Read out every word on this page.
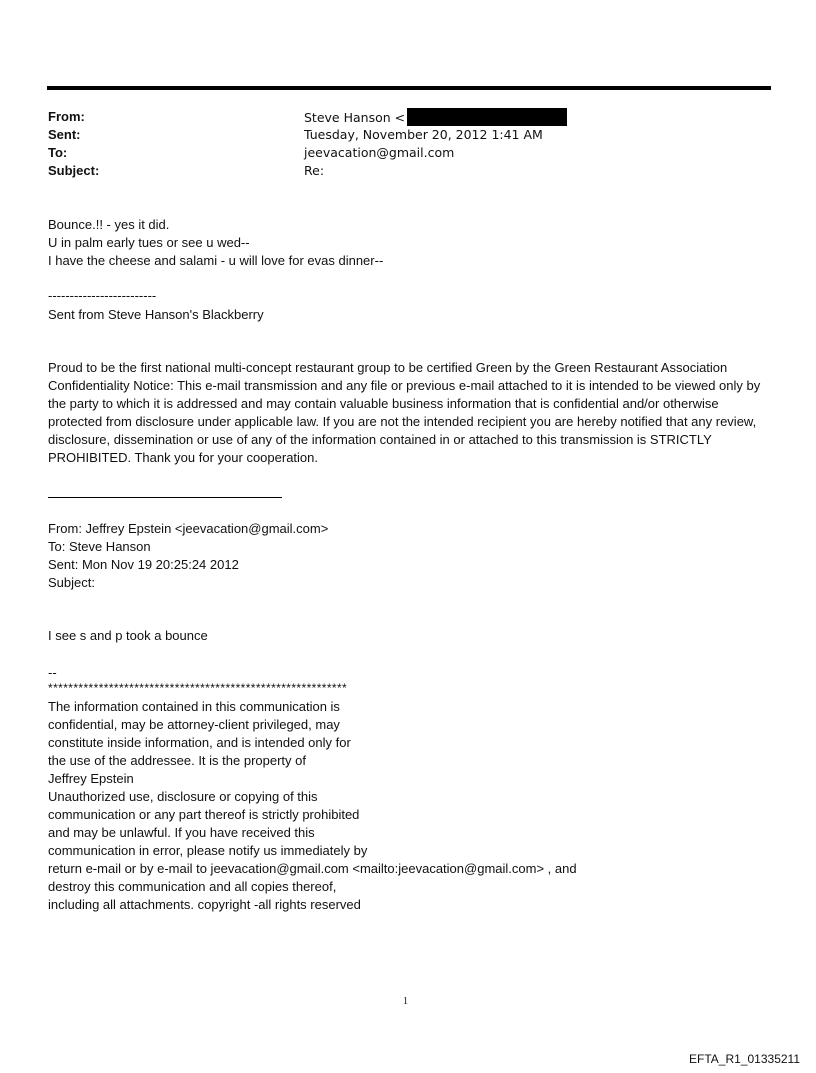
From:	Steve Hanson <
Sent:	Tuesday, November 20, 2012 1:41 AM
To:	jeevacation@gmail.com
Subject:	Re:
Bounce.!! - yes it did.
U in palm early tues or see u wed--
I have the cheese and salami - u will love for evas dinner--
-------------------------
Sent from Steve Hanson's Blackberry
Proud to be the first national multi-concept restaurant group to be certified Green by the Green Restaurant Association Confidentiality Notice: This e-mail transmission and any file or previous e-mail attached to it is intended to be viewed only by the party to which it is addressed and may contain valuable business information that is confidential and/or otherwise protected from disclosure under applicable law. If you are not the intended recipient you are hereby notified that any review, disclosure, dissemination or use of any of the information contained in or attached to this transmission is STRICTLY PROHIBITED. Thank you for your cooperation.
From: Jeffrey Epstein <jeevacation@gmail.com>
To: Steve Hanson
Sent: Mon Nov 19 20:25:24 2012
Subject:
I see s and p took a bounce
--
***********************************************************
The information contained in this communication is
confidential, may be attorney-client privileged, may
constitute inside information, and is intended only for
the use of the addressee. It is the property of
Jeffrey Epstein
Unauthorized use, disclosure or copying of this
communication or any part thereof is strictly prohibited
and may be unlawful. If you have received this
communication in error, please notify us immediately by
return e-mail or by e-mail to jeevacation@gmail.com <mailto:jeevacation@gmail.com> , and
destroy this communication and all copies thereof,
including all attachments. copyright -all rights reserved
1
EFTA_R1_01335211
